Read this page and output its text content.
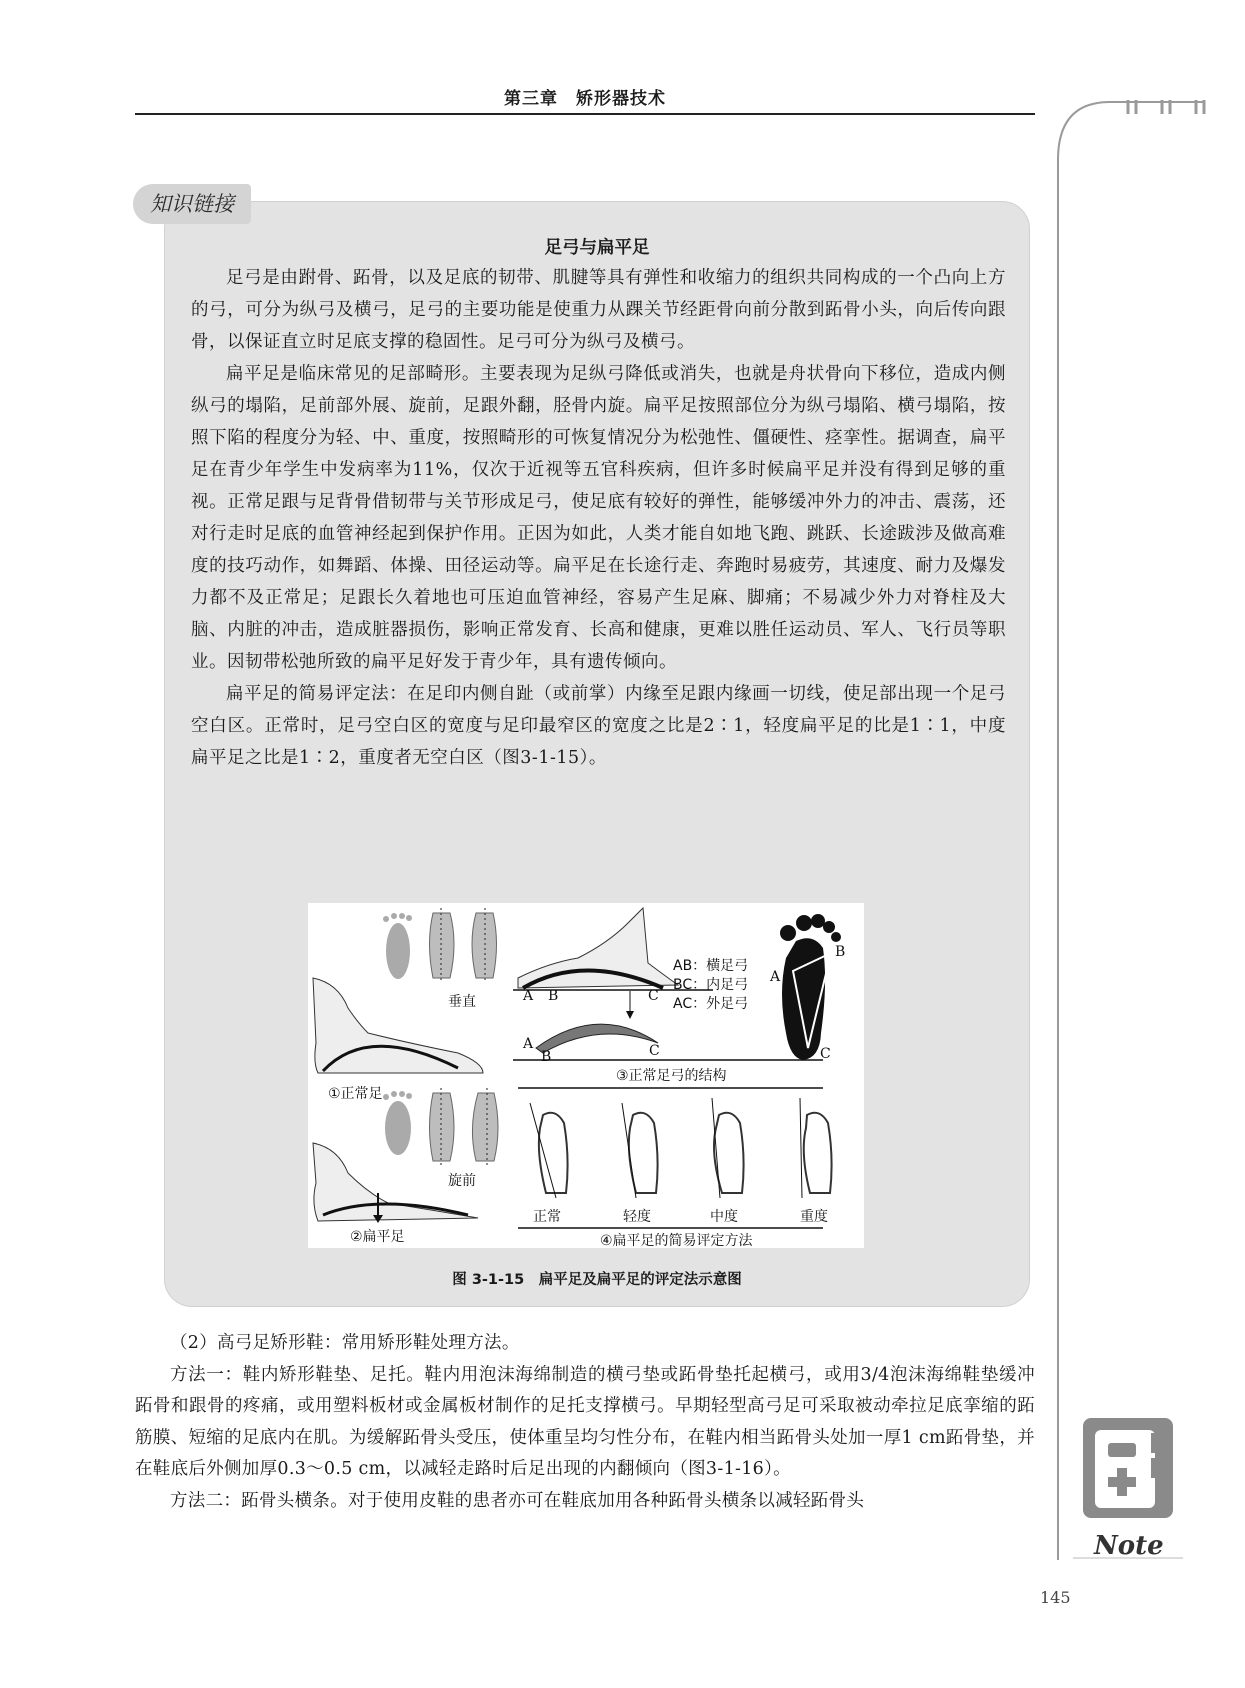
第三章　矫形器技术
知识链接
足弓与扁平足

足弓是由跗骨、跖骨，以及足底的韧带、肌腱等具有弹性和收缩力的组织共同构成的一个凸向上方的弓，可分为纵弓及横弓，足弓的主要功能是使重力从踝关节经距骨向前分散到跖骨小头，向后传向跟骨，以保证直立时足底支撑的稳固性。足弓可分为纵弓及横弓。

扁平足是临床常见的足部畸形。主要表现为足纵弓降低或消失，也就是舟状骨向下移位，造成内侧纵弓的塌陷，足前部外展、旋前，足跟外翻，胫骨内旋。扁平足按照部位分为纵弓塌陷、横弓塌陷，按照下陷的程度分为轻、中、重度，按照畸形的可恢复情况分为松弛性、僵硬性、痉挛性。据调查，扁平足在青少年学生中发病率为11%，仅次于近视等五官科疾病，但许多时候扁平足并没有得到足够的重视。正常足跟与足背骨借韧带与关节形成足弓，使足底有较好的弹性，能够缓冲外力的冲击、震荡，还对行走时足底的血管神经起到保护作用。正因为如此，人类才能自如地飞跑、跳跃、长途跋涉及做高难度的技巧动作，如舞蹈、体操、田径运动等。扁平足在长途行走、奔跑时易疲劳，其速度、耐力及爆发力都不及正常足；足跟长久着地也可压迫血管神经，容易产生足麻、脚痛；不易减少外力对脊柱及大脑、内脏的冲击，造成脏器损伤，影响正常发育、长高和健康，更难以胜任运动员、军人、飞行员等职业。因韧带松弛所致的扁平足好发于青少年，具有遗传倾向。

扁平足的简易评定法：在足印内侧自趾（或前掌）内缘至足跟内缘画一切线，使足部出现一个足弓空白区。正常时，足弓空白区的宽度与足印最窄区的宽度之比是2∶1，轻度扁平足的比是1∶1，中度扁平足之比是1∶2，重度者无空白区（图3-1-15）。

垂直
①正常足
旋前
②扁平足
A B	C
A
B	C
AB：横足弓
BC：内足弓
AC：外足弓
A
B
C
③正常足弓的结构
正常	轻度	中度	重度
④扁平足的简易评定方法
图 3-1-15　扁平足及扁平足的评定法示意图

（2）高弓足矫形鞋：常用矫形鞋处理方法。

方法一：鞋内矫形鞋垫、足托。鞋内用泡沫海绵制造的横弓垫或跖骨垫托起横弓，或用3/4泡沫海绵鞋垫缓冲跖骨和跟骨的疼痛，或用塑料板材或金属板材制作的足托支撑横弓。早期轻型高弓足可采取被动牵拉足底挛缩的跖筋膜、短缩的足底内在肌。为缓解跖骨头受压，使体重呈均匀性分布，在鞋内相当跖骨头处加一厚1 cm跖骨垫，并在鞋底后外侧加厚0.3～0.5 cm，以减轻走路时后足出现的内翻倾向（图3-1-16）。

方法二：跖骨头横条。对于使用皮鞋的患者亦可在鞋底加用各种跖骨头横条以减轻跖骨头

Note
145
